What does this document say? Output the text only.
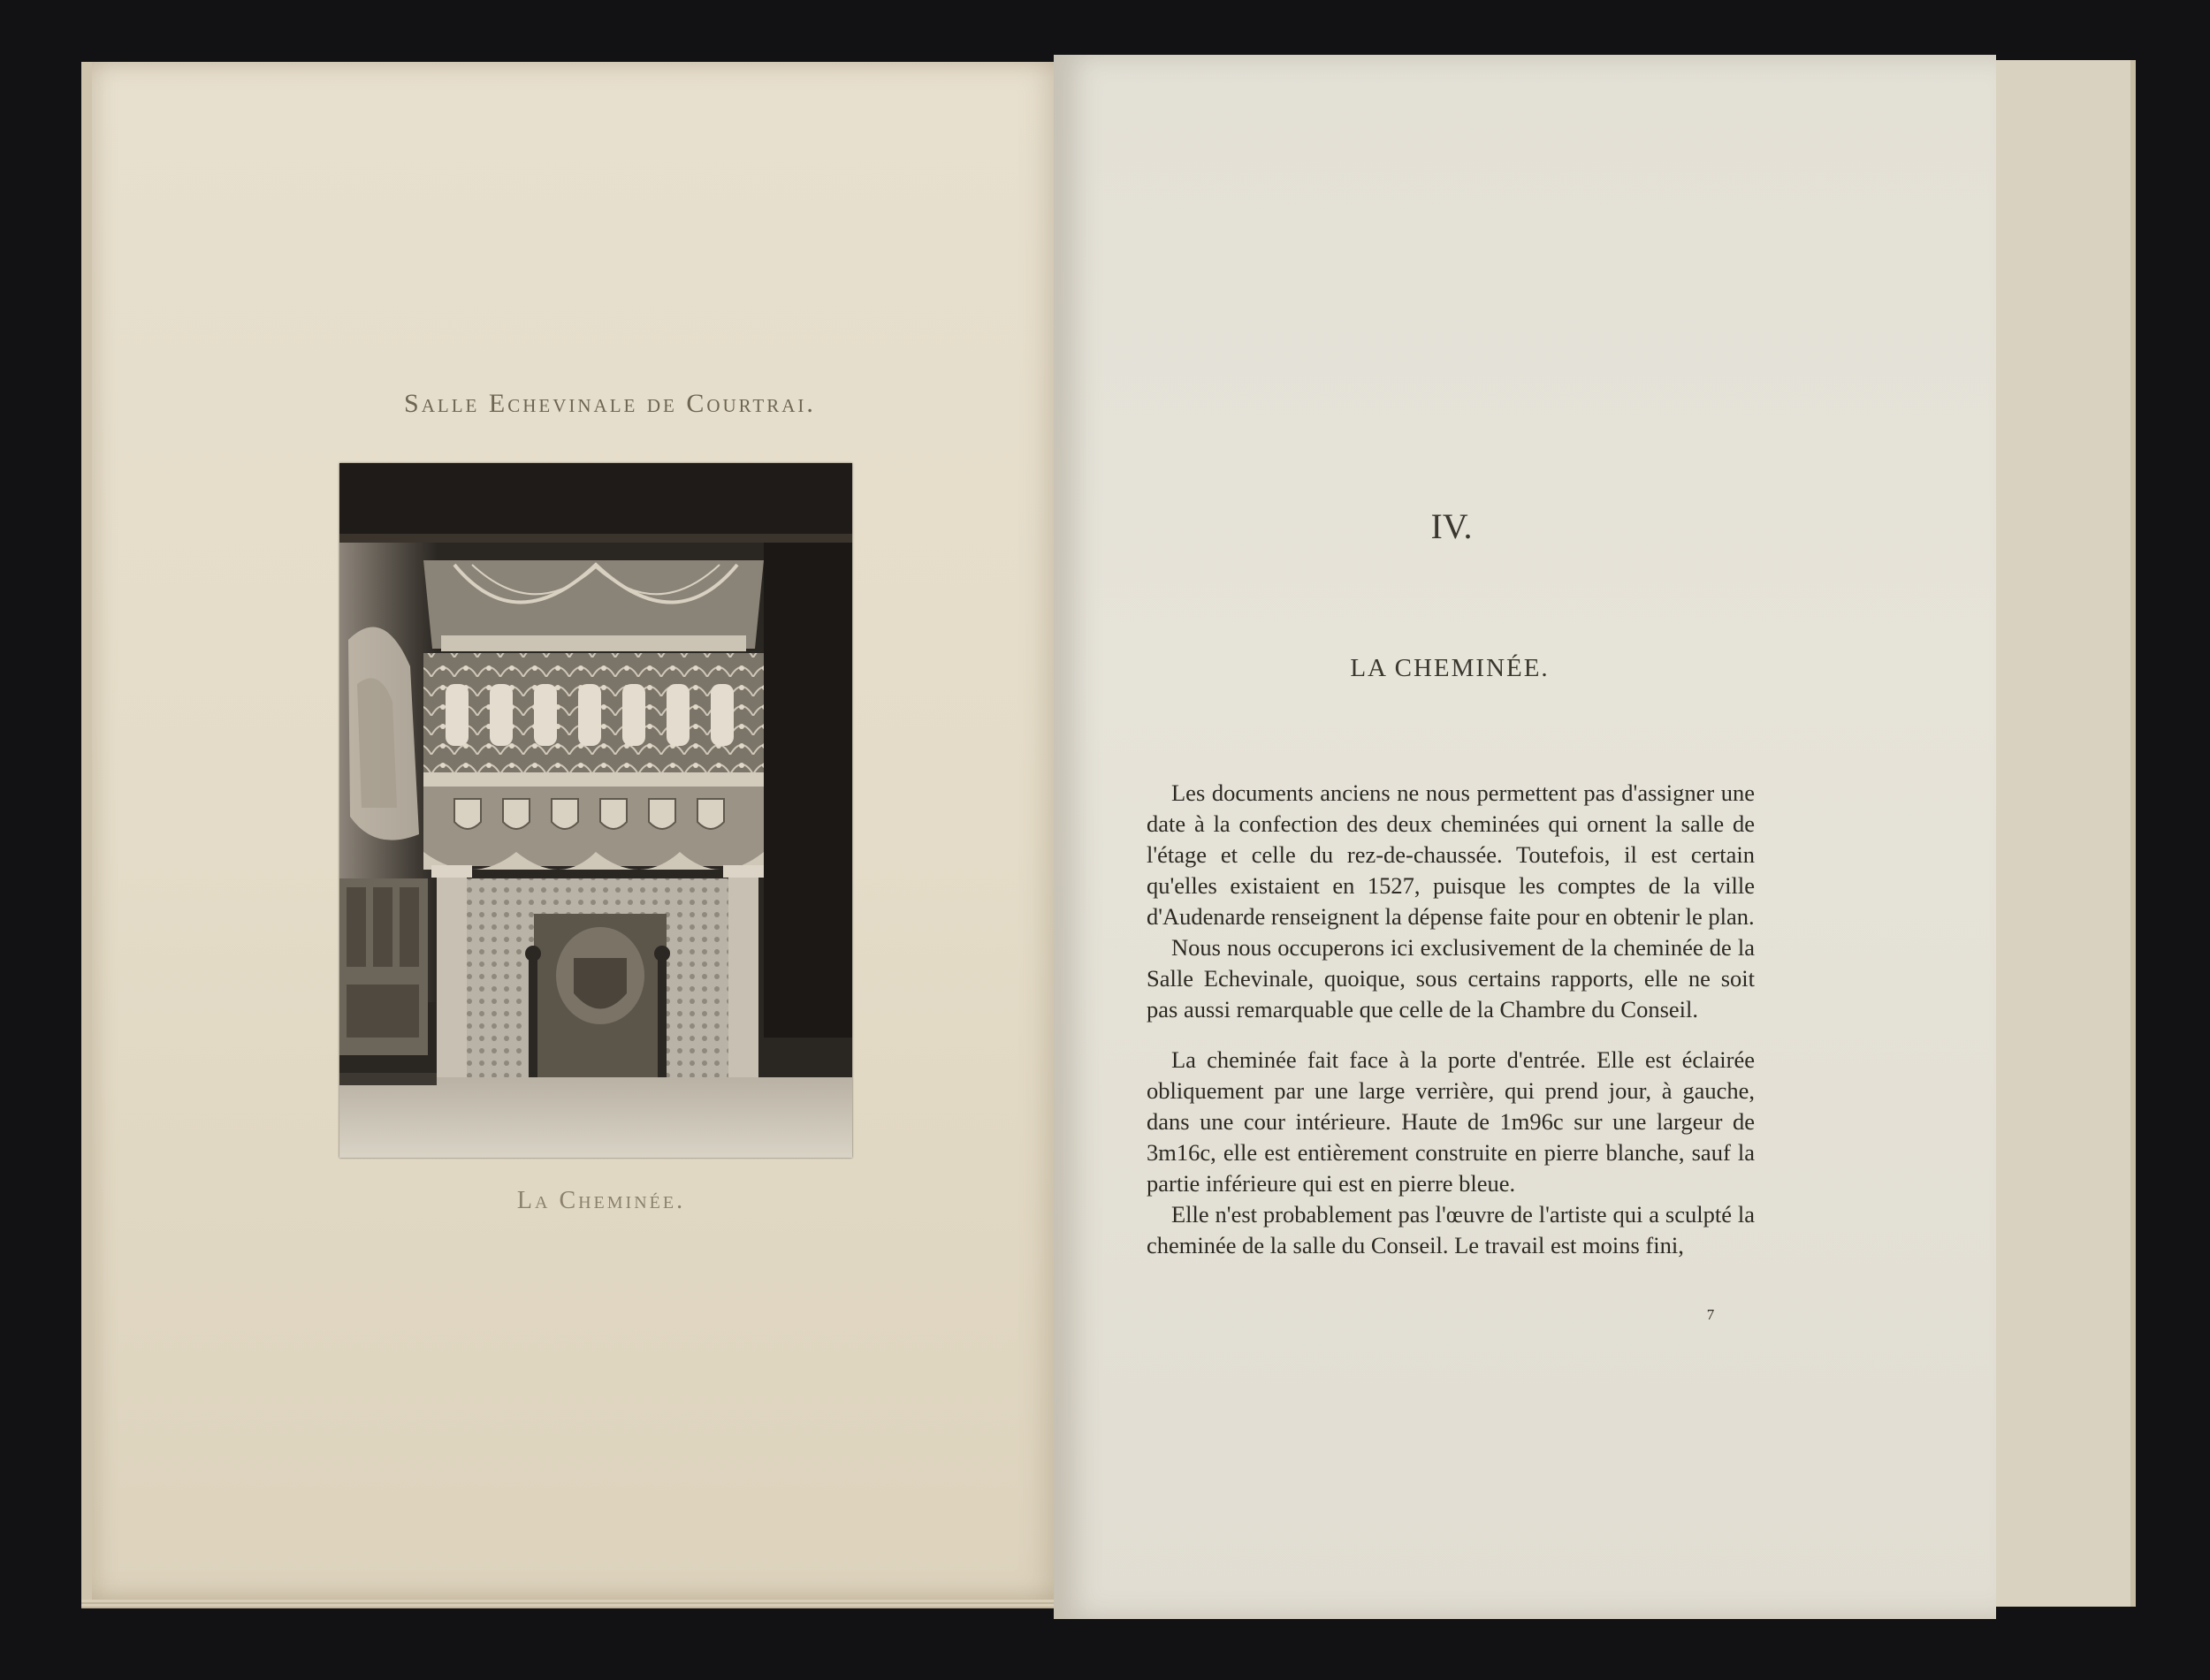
Salle Echevinale de Courtrai.
La Cheminée.
IV.
LA CHEMINÉE.

Les documents anciens ne nous permettent pas d'assigner une date à la confection des deux cheminées qui ornent la salle de l'étage et celle du rez-de-chaussée. Toutefois, il est certain qu'elles existaient en 1527, puisque les comptes de la ville d'Audenarde renseignent la dépense faite pour en obtenir le plan.

Nous nous occuperons ici exclusivement de la cheminée de la Salle Echevinale, quoique, sous certains rapports, elle ne soit pas aussi remarquable que celle de la Chambre du Conseil.

La cheminée fait face à la porte d'entrée. Elle est éclairée obliquement par une large verrière, qui prend jour, à gauche, dans une cour intérieure. Haute de 1m96c sur une largeur de 3m16c, elle est entièrement construite en pierre blanche, sauf la partie inférieure qui est en pierre bleue.

Elle n'est probablement pas l'œuvre de l'artiste qui a sculpté la cheminée de la salle du Conseil. Le travail est moins fini,

7
